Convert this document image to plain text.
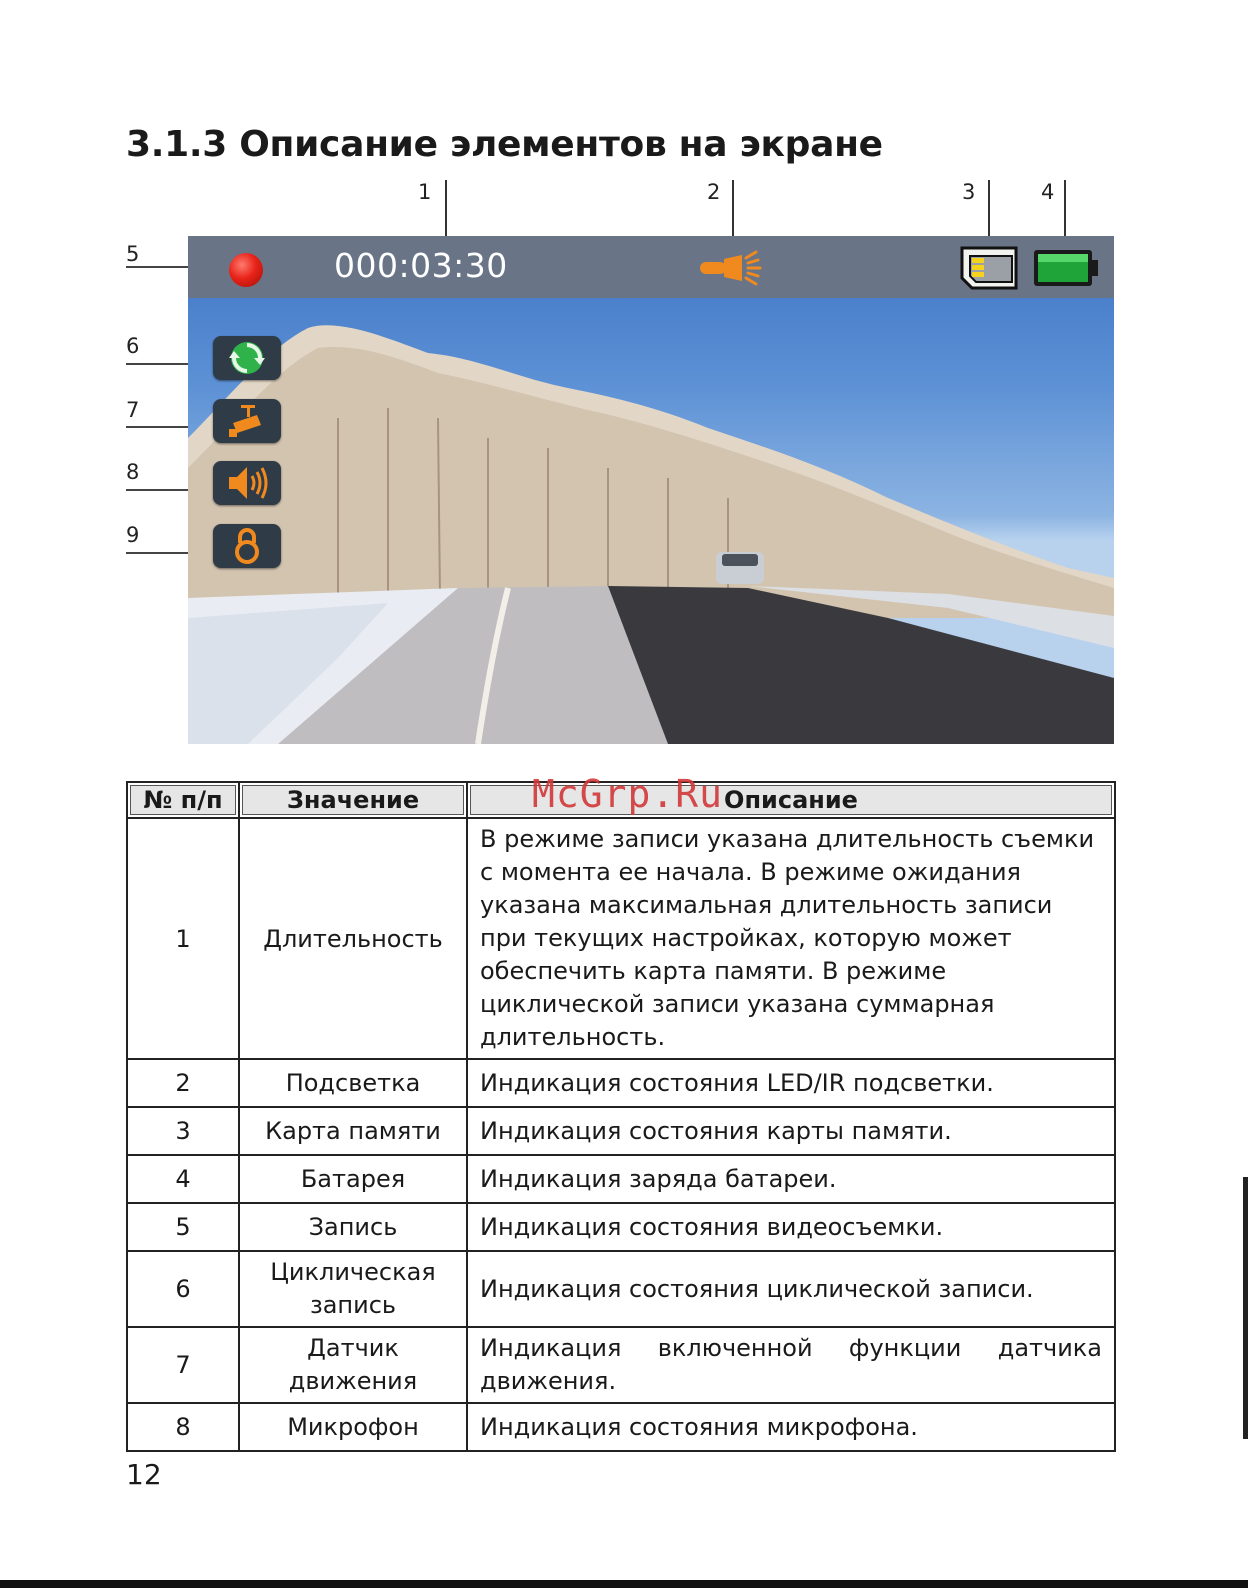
3.1.3 Описание элементов на экране
1	2	3	4
5
6
7
8
9
000:03:30
№ п/п	Значение	Описание
1	Длительность	В режиме записи указана длительность съемки с момента ее начала. В режиме ожидания указана максимальная длительность записи при текущих настройках, которую может обеспечить карта памяти. В режиме циклической записи указана суммарная длительность.
2	Подсветка	Индикация состояния LED/IR подсветки.
3	Карта памяти	Индикация состояния карты памяти.
4	Батарея	Индикация заряда батареи.
5	Запись	Индикация состояния видеосъемки.
6	Циклическая запись	Индикация состояния циклической записи.
7	Датчик движения	Индикация включенной функции датчика движения.

8	Микрофон	Индикация состояния микрофона.
McGrp.Ru
12
